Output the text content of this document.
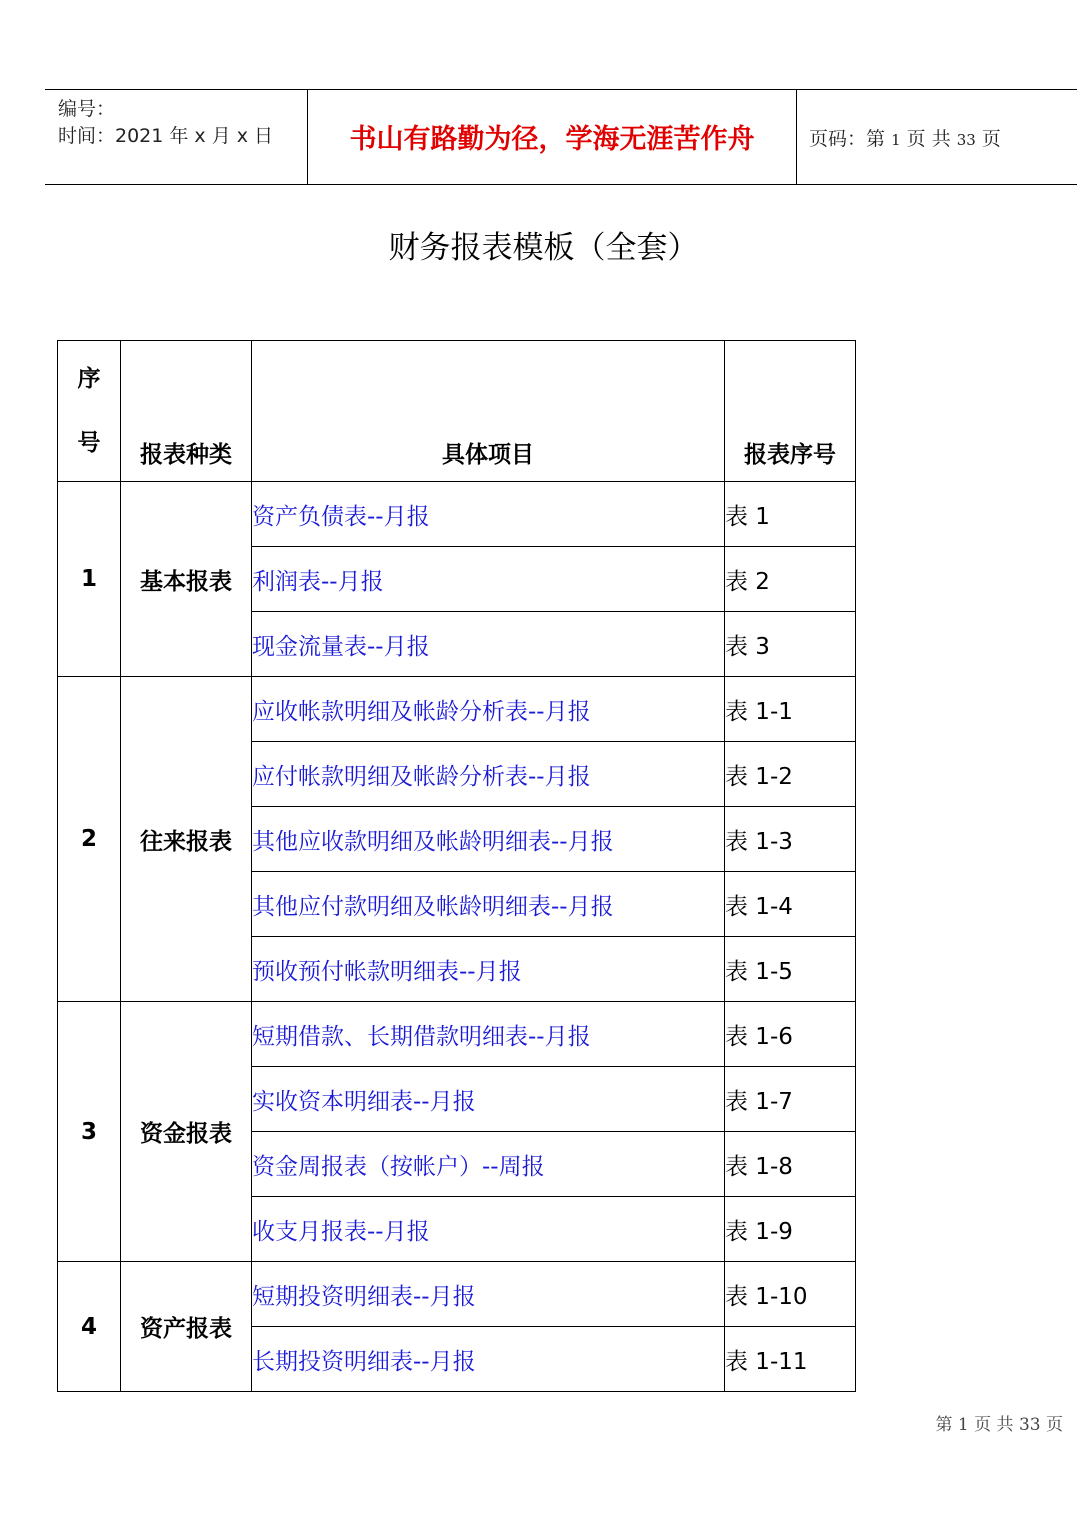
编号：
时间：2021 年 x 月 x 日	书山有路勤为径，学海无涯苦作舟	页码：第 1 页 共 33 页
财务报表模板（全套）
序
号	报表种类	具体项目	报表序号
1	基本报表	资产负债表--月报	表 1
		利润表--月报	表 2
		现金流量表--月报	表 3
2	往来报表	应收帐款明细及帐龄分析表--月报	表 1-1
		应付帐款明细及帐龄分析表--月报	表 1-2
		其他应收款明细及帐龄明细表--月报	表 1-3
		其他应付款明细及帐龄明细表--月报	表 1-4
		预收预付帐款明细表--月报	表 1-5
3	资金报表	短期借款、长期借款明细表--月报	表 1-6
		实收资本明细表--月报	表 1-7
		资金周报表（按帐户）--周报	表 1-8
		收支月报表--月报	表 1-9
4	资产报表	短期投资明细表--月报	表 1-10
		长期投资明细表--月报	表 1-11
第 1 页 共 33 页
